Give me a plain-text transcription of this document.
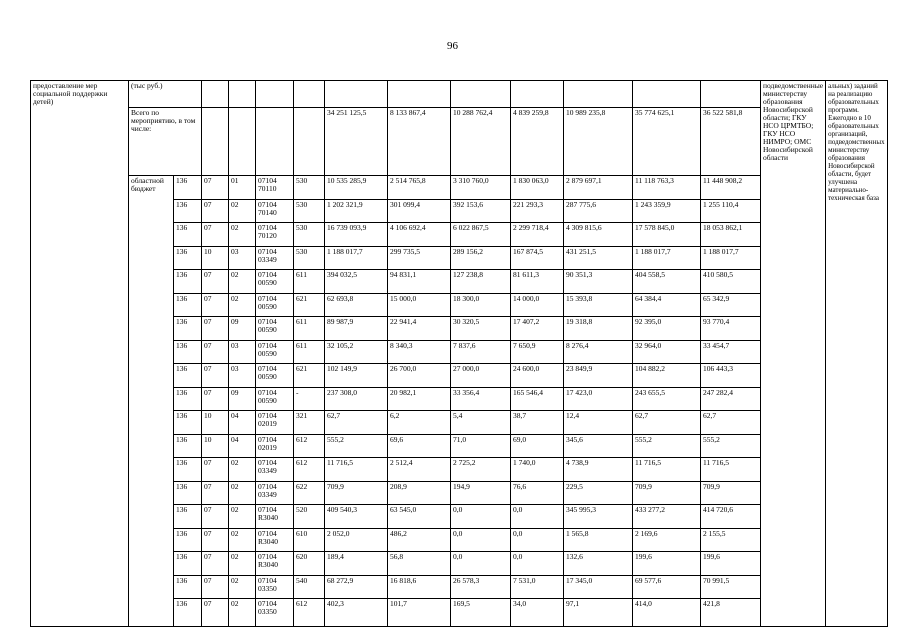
96
предоставление мер социальной поддержки детей)	(тыс руб.)													подведомственные министерству образования Новосибирской области; ГКУ НСО ЦРМТБО; ГКУ НСО НИМРО; ОМС Новосибирской области	альных) заданий на реализацию образовательных программ. Ежегодно в 10 образовательных организаций, подведомственных министерству образования Новосибирской области, будет улучшена материально-техническая база
	Всего по мероприятию, в том числе:						34 251 125,5	8 133 867,4	10 288 762,4	4 839 259,8	10 989 235,8	35 774 625,1	36 522 581,8		
	областной бюджет	136	07	01	07104 70110	530	10 535 285,9	2 514 765,8	3 310 760,0	1 830 063,0	2 879 697,1	11 118 763,3	11 448 908,2		
		136	07	02	07104 70140	530	1 202 321,9	301 099,4	392 153,6	221 293,3	287 775,6	1 243 359,9	1 255 110,4		
		136	07	02	07104 70120	530	16 739 093,9	4 106 692,4	6 022 867,5	2 299 718,4	4 309 815,6	17 578 845,0	18 053 862,1		
		136	10	03	07104 03349	530	1 188 017,7	299 735,5	289 156,2	167 874,5	431 251,5	1 188 017,7	1 188 017,7		
		136	07	02	07104 00590	611	394 032,5	94 831,1	127 238,8	81 611,3	90 351,3	404 558,5	410 580,5		
		136	07	02	07104 00590	621	62 693,8	15 000,0	18 300,0	14 000,0	15 393,8	64 384,4	65 342,9		
		136	07	09	07104 00590	611	89 987,9	22 941,4	30 320,5	17 407,2	19 318,8	92 395,0	93 770,4		
		136	07	03	07104 00590	611	32 105,2	8 340,3	7 837,6	7 650,9	8 276,4	32 964,0	33 454,7		
		136	07	03	07104 00590	621	102 149,9	26 700,0	27 000,0	24 600,0	23 849,9	104 882,2	106 443,3		
		136	07	09	07104 00590	-	237 308,0	20 982,1	33 356,4	165 546,4	17 423,0	243 655,5	247 282,4		
		136	10	04	07104 02019	321	62,7	6,2	5,4	38,7	12,4	62,7	62,7		
		136	10	04	07104 02019	612	555,2	69,6	71,0	69,0	345,6	555,2	555,2		
		136	07	02	07104 03349	612	11 716,5	2 512,4	2 725,2	1 740,0	4 738,9	11 716,5	11 716,5		
		136	07	02	07104 03349	622	709,9	208,9	194,9	76,6	229,5	709,9	709,9		
		136	07	02	07104 R3040	520	409 540,3	63 545,0	0,0	0,0	345 995,3	433 277,2	414 720,6		
		136	07	02	07104 R3040	610	2 052,0	486,2	0,0	0,0	1 565,8	2 169,6	2 155,5		
		136	07	02	07104 R3040	620	189,4	56,8	0,0	0,0	132,6	199,6	199,6		
		136	07	02	07104 03350	540	68 272,9	16 818,6	26 578,3	7 531,0	17 345,0	69 577,6	70 991,5		
		136	07	02	07104 03350	612	402,3	101,7	169,5	34,0	97,1	414,0	421,8		
